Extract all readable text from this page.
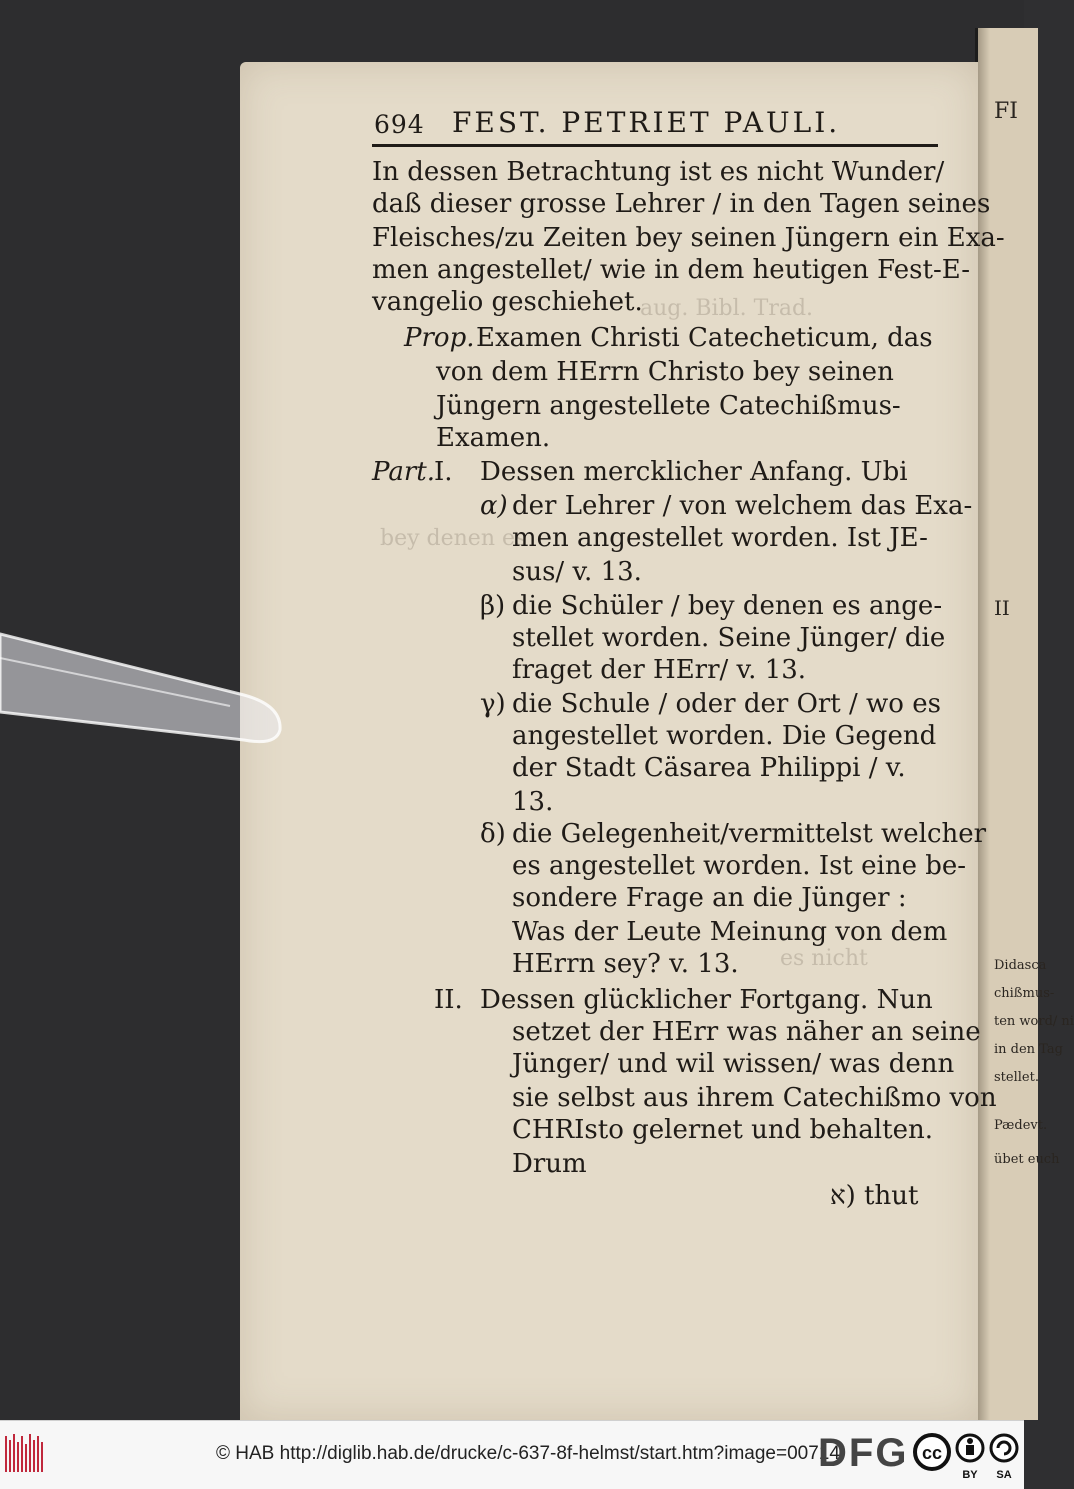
FI
II
Didasca
chißmus-
ten word/ ni
in den Tag
stellet.
Pædevt.
übet euch
aug. Bibl. Trad.
bey denen es
es nicht
694 FEST. PETRIET PAULI.
In dessen Betrachtung ist es nicht Wunder/
daß dieser grosse Lehrer / in den Tagen seines
Fleisches/zu Zeiten bey seinen Jüngern ein Exa-
men angestellet/ wie in dem heutigen Fest-E-
vangelio geschiehet.
Prop. Examen Christi Catecheticum, das
von dem HErrn Christo bey seinen
Jüngern angestellete Catechißmus-
Examen.
Part. I. Dessen mercklicher Anfang. Ubi
α) der Lehrer / von welchem das Exa-
men angestellet worden. Ist JE-
sus/ v. 13.
β) die Schüler / bey denen es ange-
stellet worden. Seine Jünger/ die
fraget der HErr/ v. 13.
γ) die Schule / oder der Ort / wo es
angestellet worden. Die Gegend
der Stadt Cäsarea Philippi / v.
13.
δ) die Gelegenheit/vermittelst welcher
es angestellet worden. Ist eine be-
sondere Frage an die Jünger :
Was der Leute Meinung von dem
HErrn sey? v. 13.
II. Dessen glücklicher Fortgang. Nun
setzet der HErr was näher an seine
Jünger/ und wil wissen/ was denn
sie selbst aus ihrem Catechißmo von
CHRIsto gelernet und behalten.
Drum
א) thut
© HAB http://diglib.hab.de/drucke/c-637-8f-helmst/start.htm?image=00714
DFG cc
BY SA
